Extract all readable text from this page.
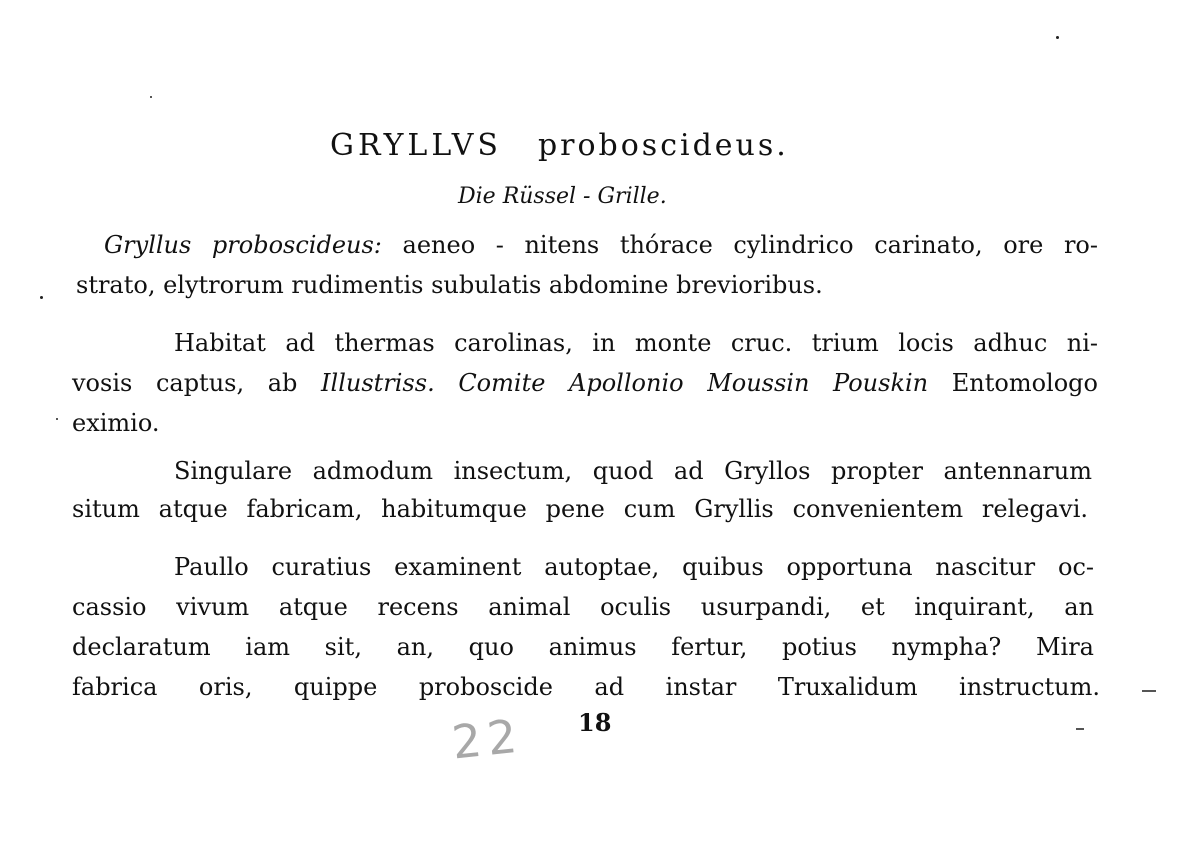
GRYLLVS proboscideus.
Die Rüssel - Grille.
Gryllus proboscideus: aeneo - nitens thórace cylindrico carinato, ore ro-
strato, elytrorum rudimentis subulatis abdomine brevioribus.
Habitat ad thermas carolinas, in monte cruc. trium locis adhuc ni-
vosis captus, ab Illustriss. Comite Apollonio Moussin Pouskin Entomologo
eximio.
Singulare admodum insectum, quod ad Gryllos propter antennarum
situm atque fabricam, habitumque pene cum Gryllis convenientem relegavi.
Paullo curatius examinent autoptae, quibus opportuna nascitur oc-
cassio vivum atque recens animal oculis usurpandi, et inquirant, an
declaratum iam sit, an, quo animus fertur, potius nympha? Mira
fabrica oris, quippe proboscide ad instar Truxalidum instructum.
22 18
